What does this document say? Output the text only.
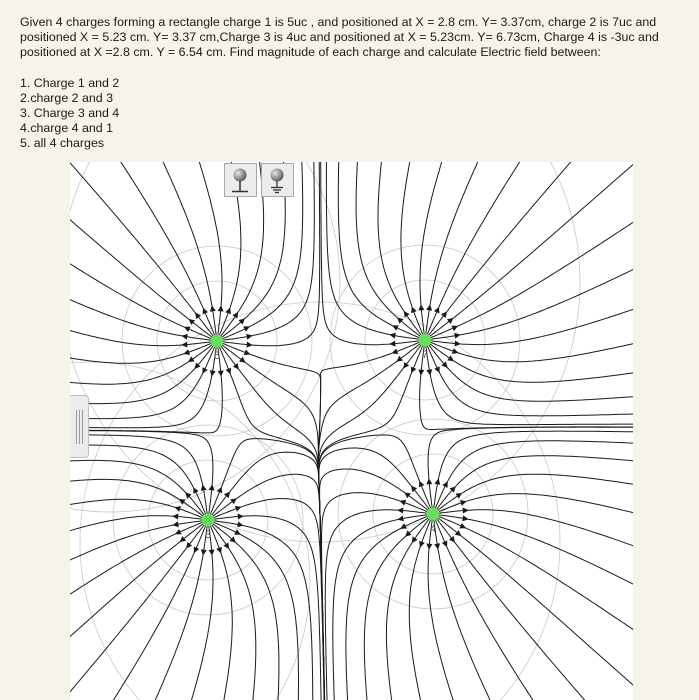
Given 4 charges forming a rectangle charge 1 is 5uc , and positioned at X = 2.8 cm. Y= 3.37cm, charge 2 is 7uc and positioned X = 5.23 cm. Y= 3.37 cm,Charge 3 is 4uc and positioned at X = 5.23cm. Y= 6.73cm, Charge 4 is -3uc and positioned at X =2.8 cm. Y = 6.54 cm. Find magnitude of each charge and calculate Electric field between:

1. Charge 1 and 2
2.charge 2 and 3
3. Charge 3 and 4
4.charge 4 and 1
5. all 4 charges
5	7
3	4
